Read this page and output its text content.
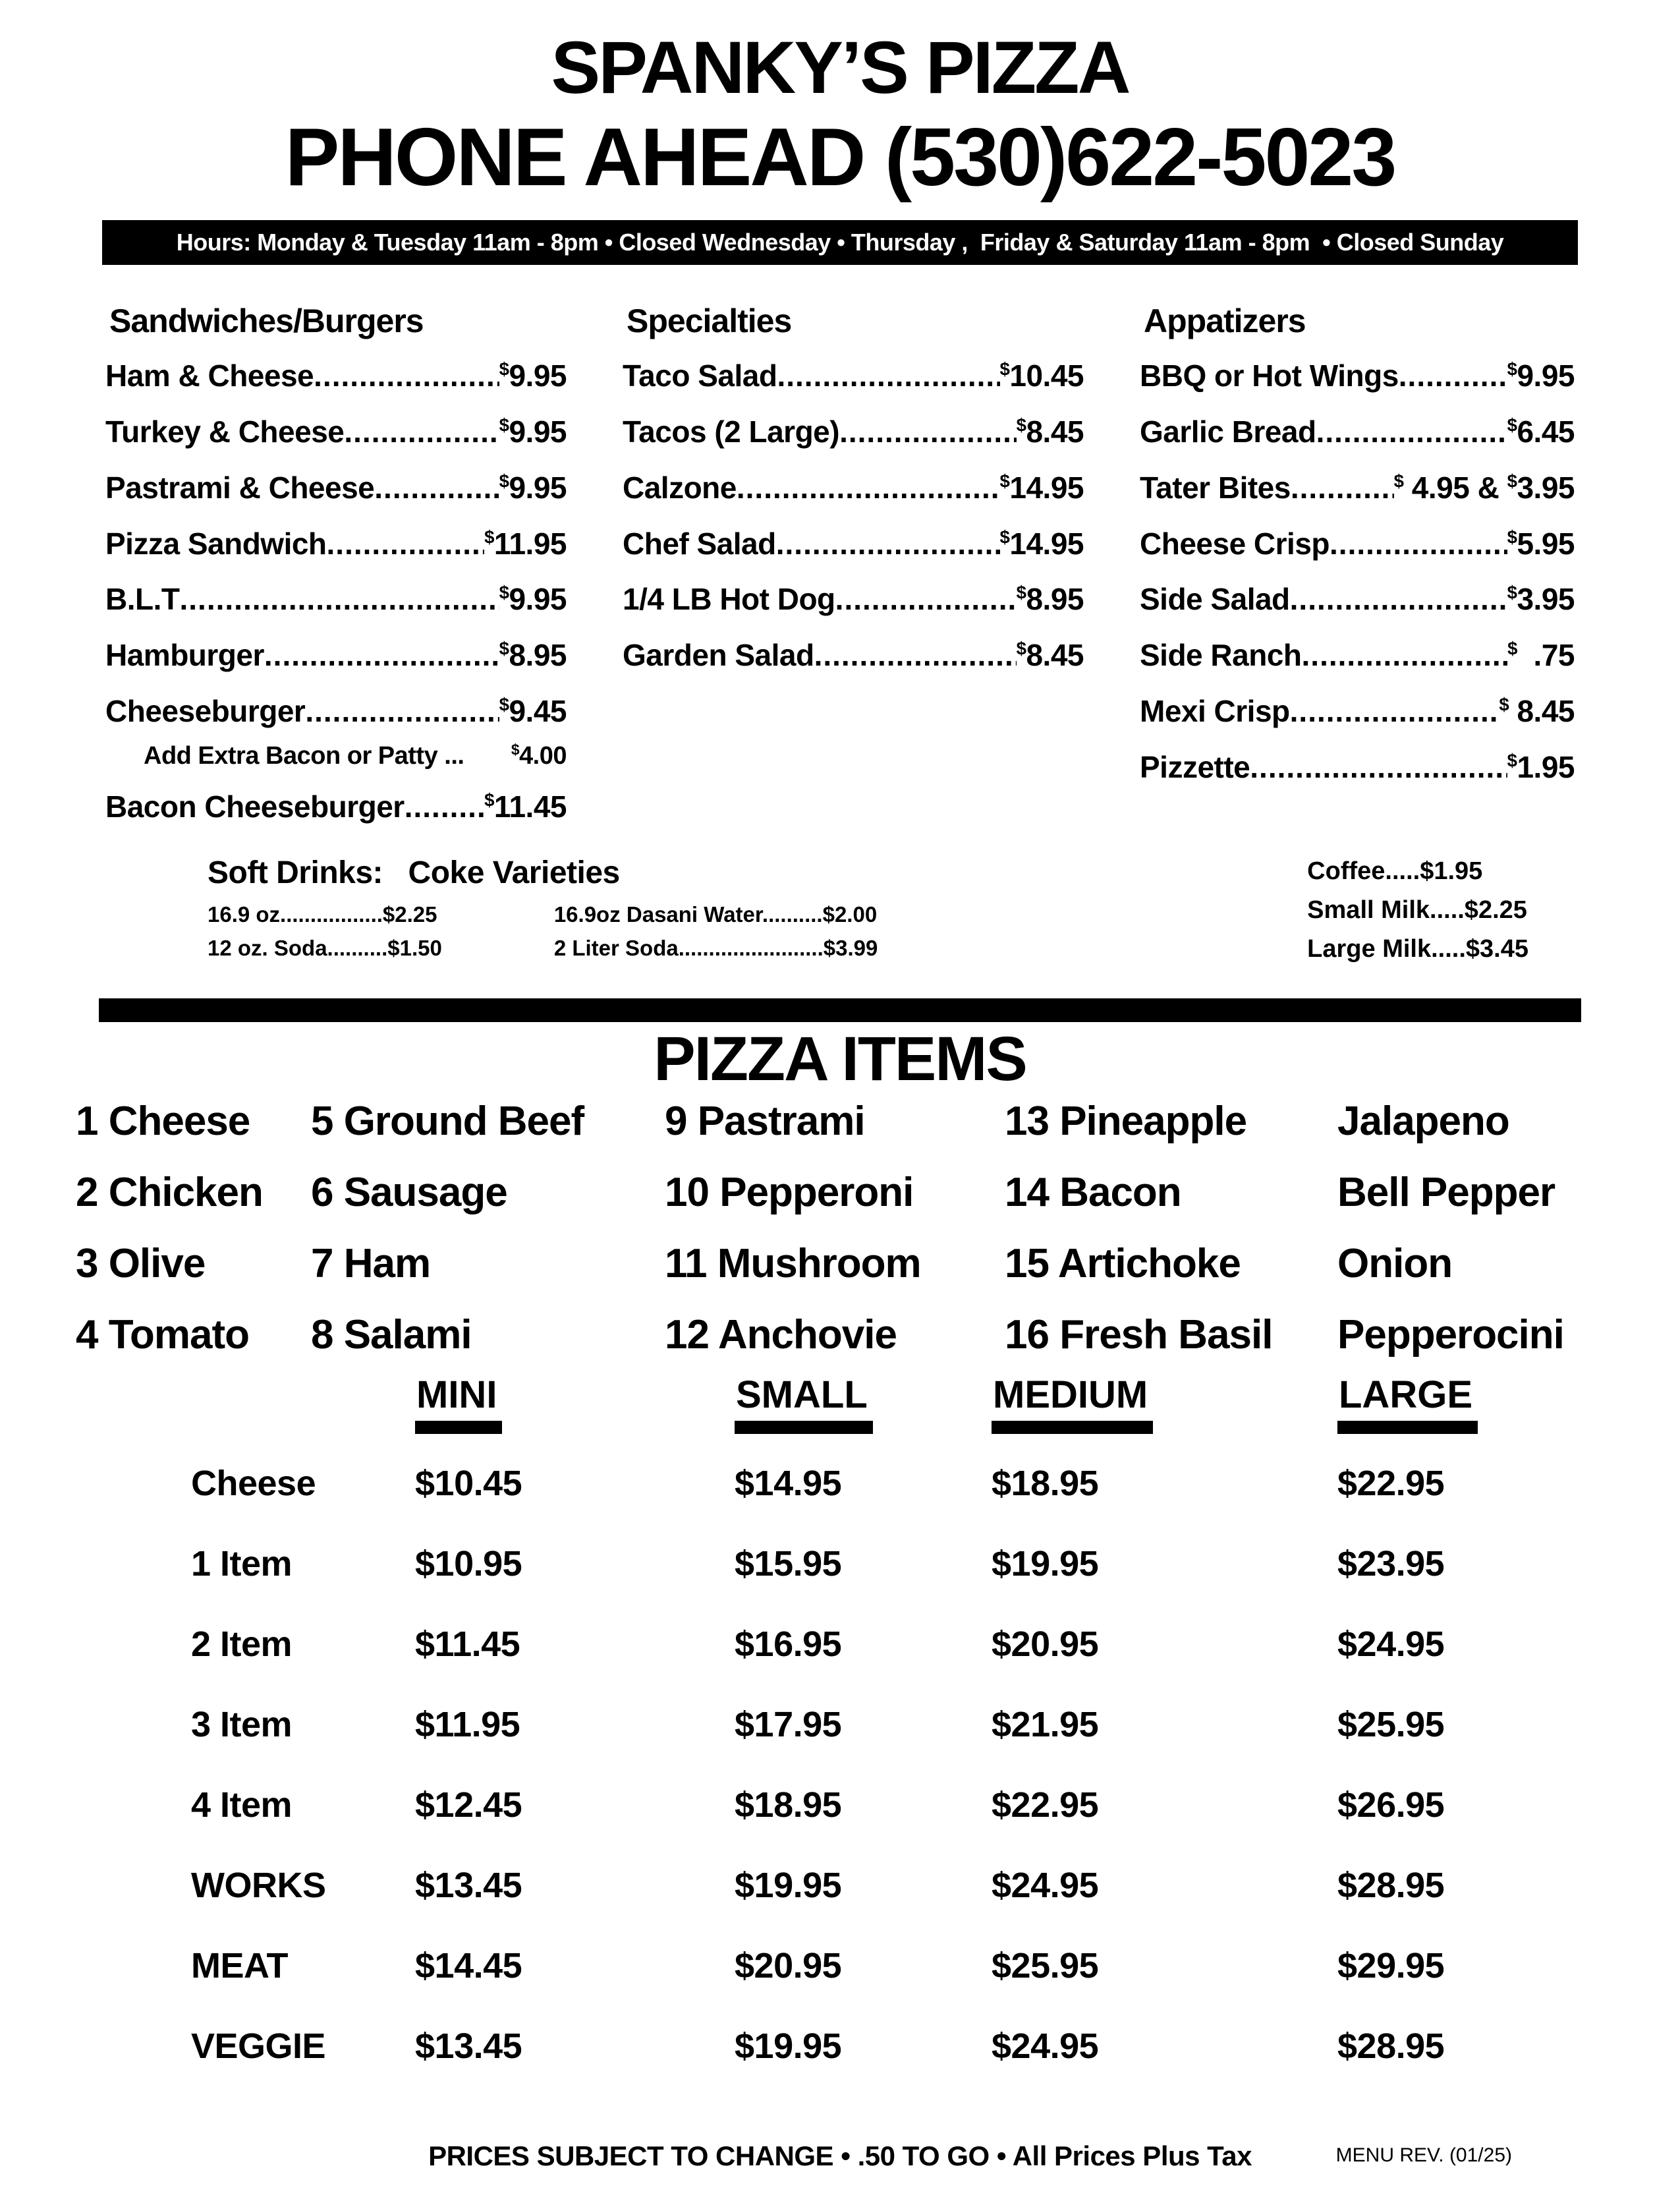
SPANKY’S PIZZA
PHONE AHEAD (530)622-5023
Hours: Monday & Tuesday 11am - 8pm • Closed Wednesday • Thursday ,  Friday & Saturday 11am - 8pm  • Closed Sunday
Sandwiches/Burgers
Ham & Cheese .....	$9.95
Turkey & Cheese .....	$9.95
Pastrami & Cheese .....	$9.95
Pizza Sandwich .....	$11.95
B.L.T .....	$9.95
Hamburger .....	$8.95
Cheeseburger .....	$9.45
Add Extra Bacon or Patty ...	$4.00
Bacon Cheeseburger .....	$11.45
Specialties
Taco Salad .....	$10.45
Tacos (2 Large) .....	$8.45
Calzone .....	$14.95
Chef Salad .....	$14.95
1/4 LB Hot Dog .....	$8.95
Garden Salad .....	$8.45
Appatizers
BBQ or Hot Wings .....	$9.95
Garlic Bread .....	$6.45
Tater Bites .....	$ 4.95 & $3.95
Cheese Crisp .....	$5.95
Side Salad .....	$3.95
Side Ranch .....	$  .75
Mexi Crisp .....	$ 8.45
Pizzette .....	$1.95
Soft Drinks:   Coke Varieties
16.9 oz.................$2.25
12 oz. Soda..........$1.50
16.9oz Dasani Water..........$2.00
2 Liter Soda........................$3.99
Coffee.....$1.95
Small Milk.....$2.25
Large Milk.....$3.45
PIZZA ITEMS
1 Cheese	5 Ground Beef	9 Pastrami	13 Pineapple	Jalapeno
2 Chicken	6 Sausage	10 Pepperoni	14 Bacon	Bell Pepper
3 Olive	7 Ham	11 Mushroom	15 Artichoke	Onion
4 Tomato	8 Salami	12 Anchovie	16 Fresh Basil	Pepperocini
MINI	SMALL	MEDIUM	LARGE
Cheese	$10.45	$14.95	$18.95	$22.95
1 Item	$10.95	$15.95	$19.95	$23.95
2 Item	$11.45	$16.95	$20.95	$24.95
3 Item	$11.95	$17.95	$21.95	$25.95
4 Item	$12.45	$18.95	$22.95	$26.95
WORKS	$13.45	$19.95	$24.95	$28.95
MEAT	$14.45	$20.95	$25.95	$29.95
VEGGIE	$13.45	$19.95	$24.95	$28.95
PRICES SUBJECT TO CHANGE • .50 TO GO • All Prices Plus Tax	MENU REV. (01/25)
